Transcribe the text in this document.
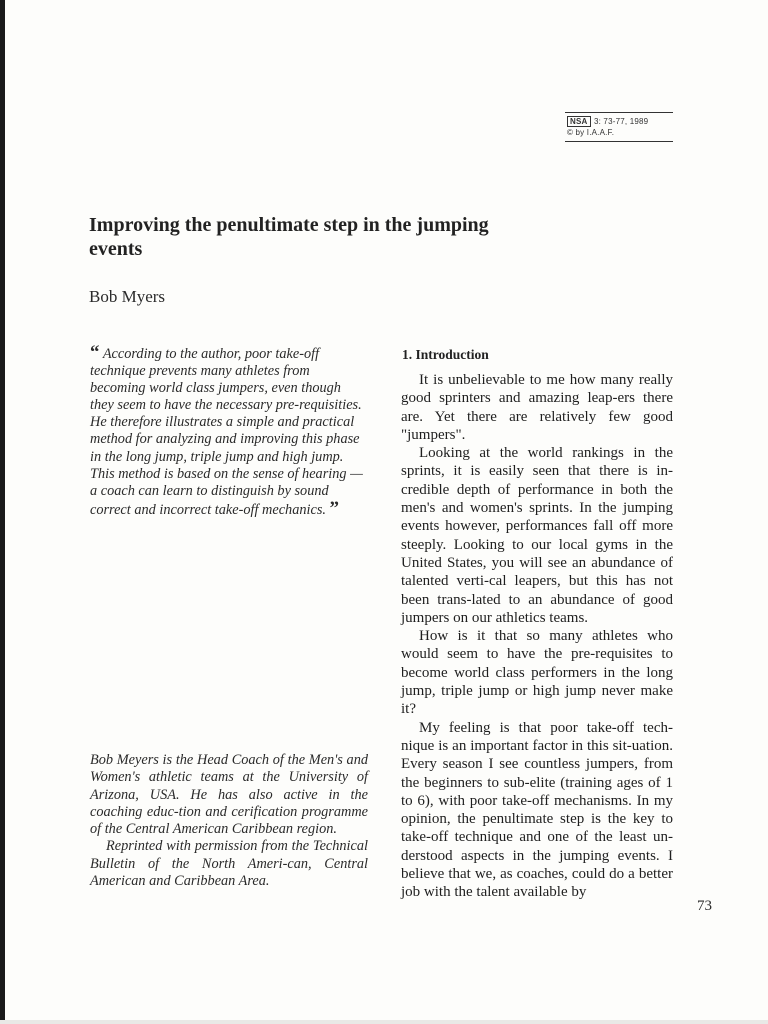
NSA 3: 73-77, 1989
© by I.A.A.F.
Improving the penultimate step in the jumping events
Bob Myers
“ According to the author, poor take-off technique prevents many athletes from becoming world class jumpers, even though they seem to have the necessary pre-requisities. He therefore illustrates a simple and practical method for analyzing and improving this phase in the long jump, triple jump and high jump. This method is based on the sense of hearing — a coach can learn to distinguish by sound correct and incorrect take-off mechanics. ”

Bob Meyers is the Head Coach of the Men's and Women's athletic teams at the University of Arizona, USA. He has also active in the coaching educ-tion and cerification programme of the Central American Caribbean region.

Reprinted with permission from the Technical Bulletin of the North Ameri-can, Central American and Caribbean Area.

1. Introduction

It is unbelievable to me how many really good sprinters and amazing leap-ers there are. Yet there are relatively few good "jumpers".

Looking at the world rankings in the sprints, it is easily seen that there is in-credible depth of performance in both the men's and women's sprints. In the jumping events however, performances fall off more steeply. Looking to our local gyms in the United States, you will see an abundance of talented verti-cal leapers, but this has not been trans-lated to an abundance of good jumpers on our athletics teams.

How is it that so many athletes who would seem to have the pre-requisites to become world class performers in the long jump, triple jump or high jump never make it?

My feeling is that poor take-off tech-nique is an important factor in this sit-uation. Every season I see countless jumpers, from the beginners to sub-elite (training ages of 1 to 6), with poor take-off mechanisms. In my opinion, the penultimate step is the key to take-off technique and one of the least un-derstood aspects in the jumping events. I believe that we, as coaches, could do a better job with the talent available by

73
